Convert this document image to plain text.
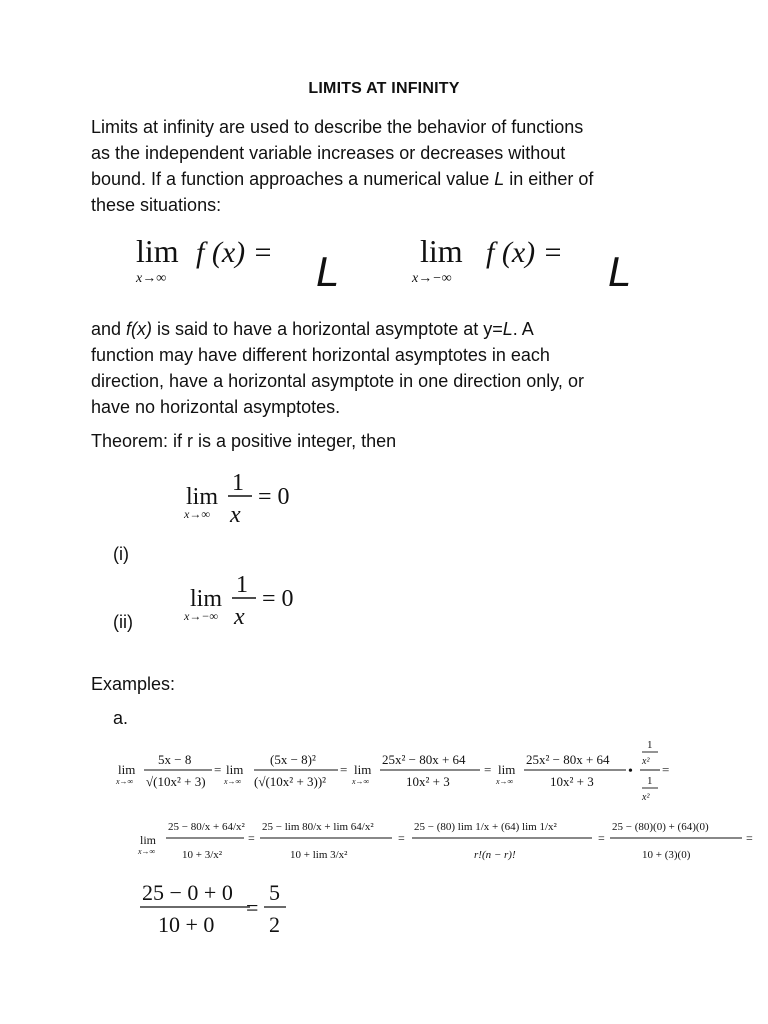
LIMITS AT INFINITY
Limits at infinity are used to describe the behavior of functions
as the independent variable increases or decreases without
bound. If a function approaches a numerical value L in either of
these situations:
lim
x→∞
f (x) = L	lim
x→−∞
f (x) = L
and f(x) is said to have a horizontal asymptote at y=L. A
function may have different horizontal asymptotes in each
direction, have a horizontal asymptote in one direction only, or
have no horizontal asymptotes.
Theorem: if r is a positive integer, then
lim
x→∞
1
x
= 0
(i)
lim
x→−∞
1
x
= 0
(ii)
Examples:
a.
lim
x→∞
5x − 8
√(10x² + 3)
= lim
x→∞
(5x − 8)²
(√(10x² + 3))²
= lim
x→∞
25x² − 80x + 64
10x² + 3
= lim
x→∞
25x² − 80x + 64
10x² + 3
•
1
x²
1
x²
=
lim
x→∞
25 − 80/x + 64/x²
10 + 3/x²
=
25 − lim 80/x + lim 64/x²
10 + lim 3/x²
=
25 − (80) lim 1/x + (64) lim 1/x²
r!(n − r)!
=
25 − (80)(0) + (64)(0)
10 + (3)(0)
=
25 − 0 + 0
10 + 0
=
5
2
